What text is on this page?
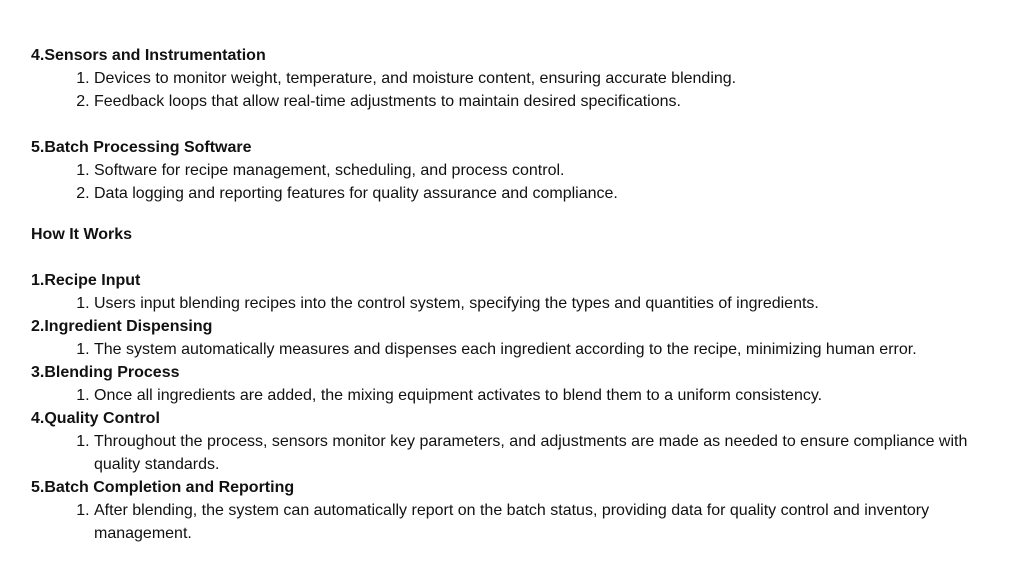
4.Sensors and Instrumentation

1. Devices to monitor weight, temperature, and moisture content, ensuring accurate blending.
2. Feedback loops that allow real-time adjustments to maintain desired specifications.

5.Batch Processing Software

1. Software for recipe management, scheduling, and process control.
2. Data logging and reporting features for quality assurance and compliance.

How It Works

1.Recipe Input

1. Users input blending recipes into the control system, specifying the types and quantities of ingredients.

2.Ingredient Dispensing

1. The system automatically measures and dispenses each ingredient according to the recipe, minimizing human error.

3.Blending Process

1. Once all ingredients are added, the mixing equipment activates to blend them to a uniform consistency.

4.Quality Control

1. Throughout the process, sensors monitor key parameters, and adjustments are made as needed to ensure compliance with quality standards.

5.Batch Completion and Reporting

1. After blending, the system can automatically report on the batch status, providing data for quality control and inventory management.
